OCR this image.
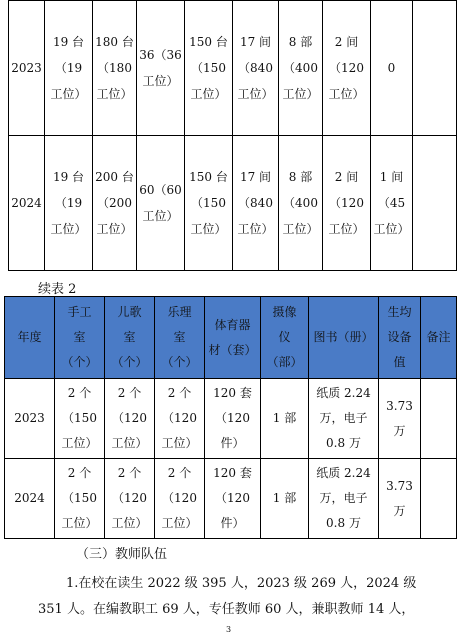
2023	19 台
（19
工位）	180 台
（180
工位）	36（36
工位）	150 台
（150
工位）	17 间
（840
工位）	8 部
（400
工位）	2 间
（120
工位）	0	

2024	19 台
（19
工位）	200 台
（200
工位）	60（60
工位）	150 台
（150
工位）	17 间
（840
工位）	8 部
（400
工位）	2 间
（120
工位）	1 间
（45
工位）	

续表 2
年度	手工
室
（个）	儿歌
室
（个）	乐理
室
（个）	体育器
材（套）	摄像
仪
（部）	图书（册）	生均
设备
值	备注

2023	2 个
（150
工位）	2 个
（120
工位）	2 个
（120
工位）	120 套
（120
件）	1 部	纸质 2.24
万，电子
0.8 万	3.73
万	

2024	2 个
（150
工位）	2 个
（120
工位）	2 个
（120
工位）	120 套
（120
件）	1 部	纸质 2.24
万，电子
0.8 万	3.73
万	

（三）教师队伍
1.在校在读生 2022 级 395 人，2023 级 269 人，2024 级
351 人。在编教职工 69 人，专任教师 60 人，兼职教师 14 人，
3
